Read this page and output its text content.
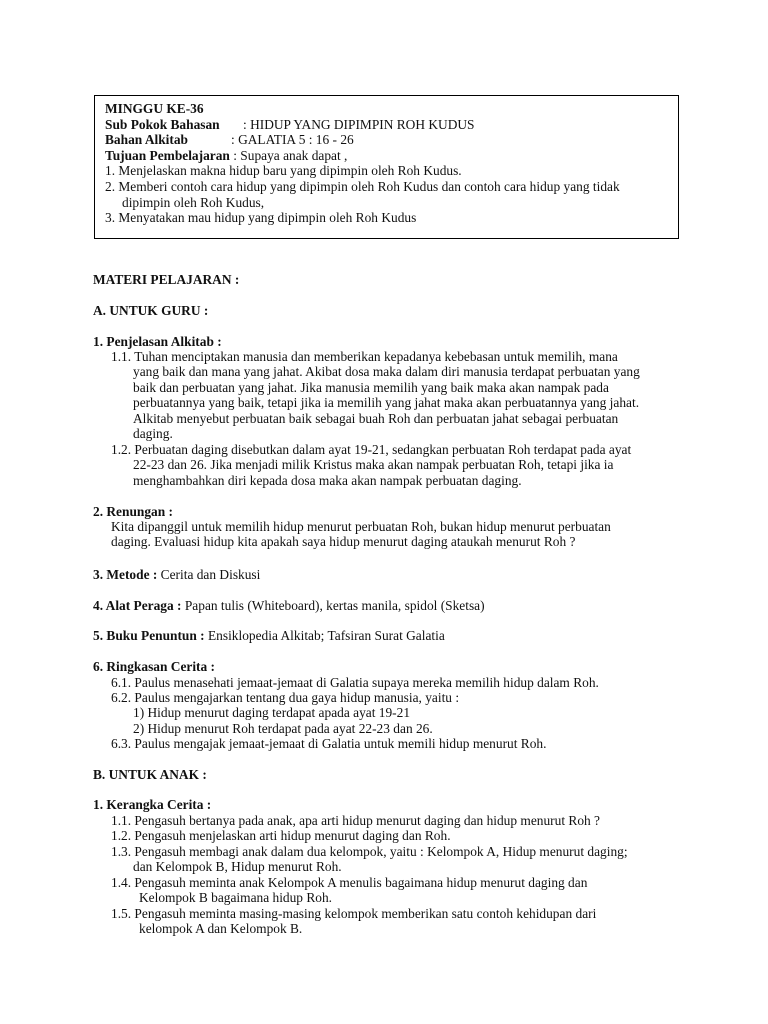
MINGGU KE-36
Sub Pokok Bahasan : HIDUP YANG DIPIMPIN ROH KUDUS
Bahan Alkitab	: GALATIA 5 : 16 - 26
Tujuan Pembelajaran : Supaya anak dapat ,
1. Menjelaskan makna hidup baru yang dipimpin oleh Roh Kudus.
2. Memberi contoh cara hidup yang dipimpin oleh Roh Kudus dan contoh cara hidup yang tidak
dipimpin oleh Roh Kudus,
3. Menyatakan mau hidup yang dipimpin oleh Roh Kudus
MATERI PELAJARAN :
A. UNTUK GURU :
1. Penjelasan Alkitab :
1.1. Tuhan menciptakan manusia dan memberikan kepadanya kebebasan untuk memilih, mana
yang baik dan mana yang jahat. Akibat dosa maka dalam diri manusia terdapat perbuatan yang
baik dan perbuatan yang jahat. Jika manusia memilih yang baik maka akan nampak pada
perbuatannya yang baik, tetapi jika ia memilih yang jahat maka akan perbuatannya yang jahat.
Alkitab menyebut perbuatan baik sebagai buah Roh dan perbuatan jahat sebagai perbuatan
daging.
1.2. Perbuatan daging disebutkan dalam ayat 19-21, sedangkan perbuatan Roh terdapat pada ayat
22-23 dan 26. Jika menjadi milik Kristus maka akan nampak perbuatan Roh, tetapi jika ia
menghambahkan diri kepada dosa maka akan nampak perbuatan daging.
2. Renungan :
Kita dipanggil untuk memilih hidup menurut perbuatan Roh, bukan hidup menurut perbuatan
daging. Evaluasi hidup kita apakah saya hidup menurut daging ataukah menurut Roh ?
3. Metode : Cerita dan Diskusi
4. Alat Peraga : Papan tulis (Whiteboard), kertas manila, spidol (Sketsa)
5. Buku Penuntun : Ensiklopedia Alkitab; Tafsiran Surat Galatia
6. Ringkasan Cerita :
6.1. Paulus menasehati jemaat-jemaat di Galatia supaya mereka memilih hidup dalam Roh.
6.2. Paulus mengajarkan tentang dua gaya hidup manusia, yaitu :
1) Hidup menurut daging terdapat apada ayat 19-21
2) Hidup menurut Roh terdapat pada ayat 22-23 dan 26.
6.3. Paulus mengajak jemaat-jemaat di Galatia untuk memili hidup menurut Roh.
B. UNTUK ANAK :
1. Kerangka Cerita :
1.1. Pengasuh bertanya pada anak, apa arti hidup menurut daging dan hidup menurut Roh ?
1.2. Pengasuh menjelaskan arti hidup menurut daging dan Roh.
1.3. Pengasuh membagi anak dalam dua kelompok, yaitu : Kelompok A, Hidup menurut daging;
dan Kelompok B, Hidup menurut Roh.
1.4. Pengasuh meminta anak Kelompok A menulis bagaimana hidup menurut daging dan
Kelompok B bagaimana hidup Roh.
1.5. Pengasuh meminta masing-masing kelompok memberikan satu contoh kehidupan dari
kelompok A dan Kelompok B.
